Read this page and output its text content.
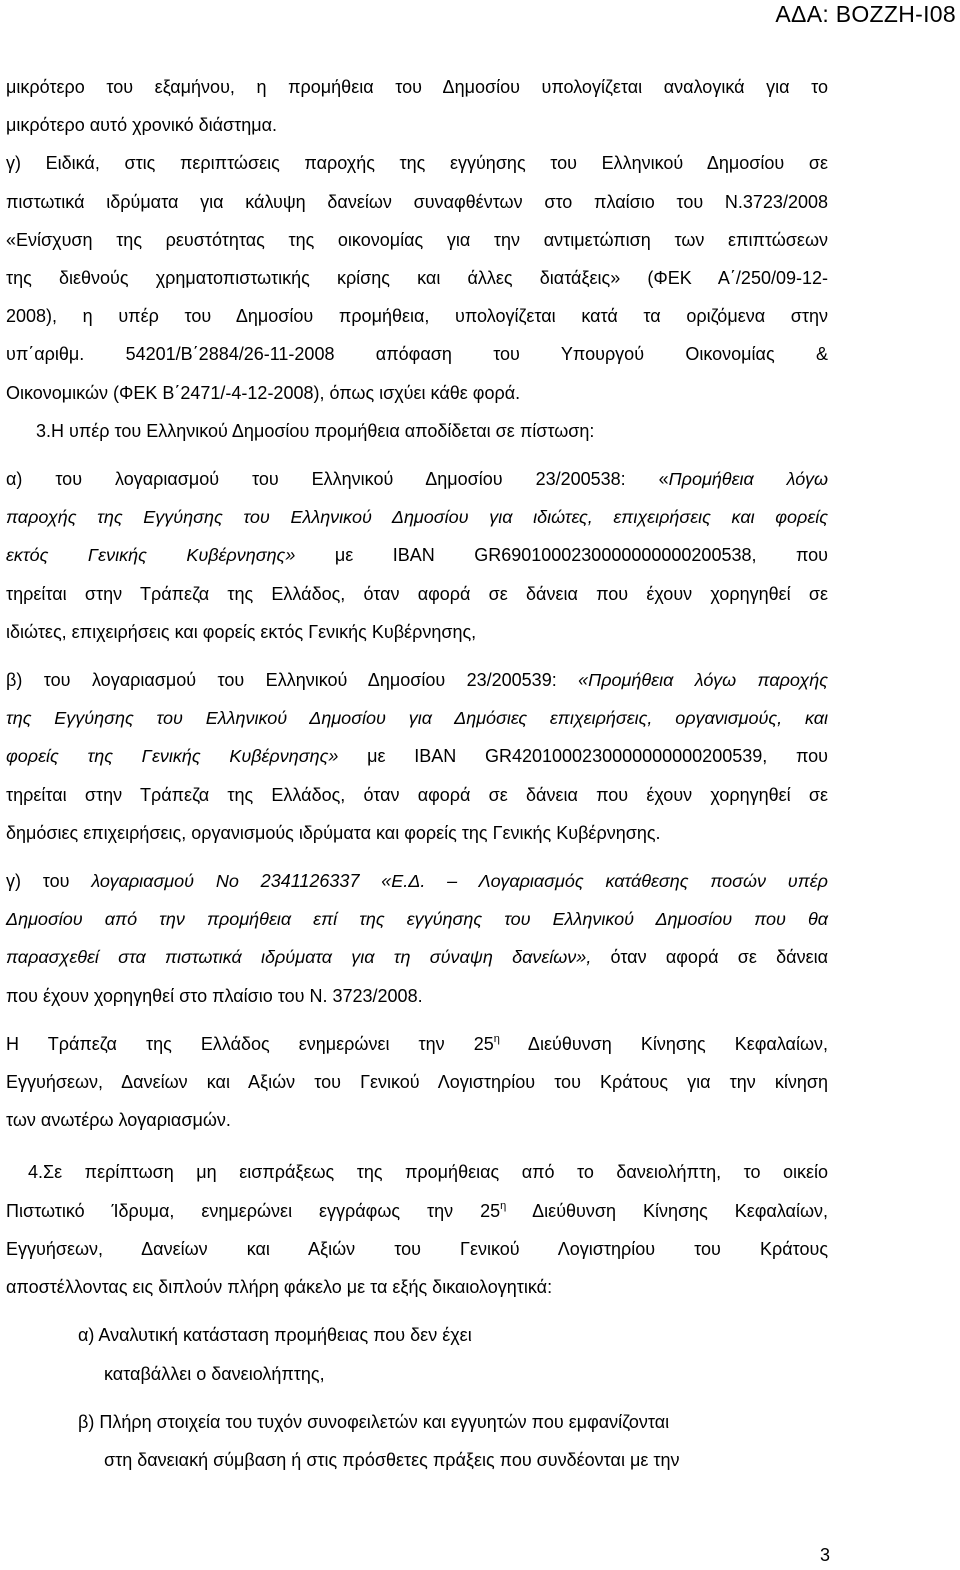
ΑΔΑ: ΒΟΖΖΗ-Ι08

μικρότερο του εξαμήνου, η προμήθεια του Δημοσίου υπολογίζεται αναλογικά για το

μικρότερο αυτό χρονικό διάστημα.

γ) Ειδικά, στις περιπτώσεις παροχής της εγγύησης του Ελληνικού Δημοσίου σε

πιστωτικά ιδρύματα για κάλυψη δανείων συναφθέντων στο πλαίσιο του Ν.3723/2008

«Ενίσχυση της ρευστότητας της οικονομίας για την αντιμετώπιση των επιπτώσεων

της διεθνούς χρηματοπιστωτικής κρίσης και άλλες διατάξεις» (ΦΕΚ Α΄/250/09-12-

2008), η υπέρ του Δημοσίου προμήθεια, υπολογίζεται κατά τα οριζόμενα στην

υπ΄αριθμ. 54201/Β΄2884/26-11-2008 απόφαση του Υπουργού Οικονομίας &

Οικονομικών (ΦΕΚ Β΄2471/-4-12-2008), όπως ισχύει κάθε φορά.

3.Η υπέρ του Ελληνικού Δημοσίου προμήθεια αποδίδεται σε πίστωση:

α) του λογαριασμού του Ελληνικού Δημοσίου 23/200538: «Προμήθεια λόγω

παροχής της Εγγύησης του Ελληνικού Δημοσίου για ιδιώτες, επιχειρήσεις και φορείς

εκτός Γενικής Κυβέρνησης» με IBAN GR6901000230000000000200538, που

τηρείται στην Τράπεζα της Ελλάδος, όταν αφορά σε δάνεια που έχουν χορηγηθεί σε

ιδιώτες, επιχειρήσεις και φορείς εκτός Γενικής Κυβέρνησης,

β) του λογαριασμού του Ελληνικού Δημοσίου 23/200539: «Προμήθεια λόγω παροχής

της Εγγύησης του Ελληνικού Δημοσίου για Δημόσιες επιχειρήσεις, οργανισμούς, και

φορείς της Γενικής Κυβέρνησης» με IBAN GR4201000230000000000200539, που

τηρείται στην Τράπεζα της Ελλάδος, όταν αφορά σε δάνεια που έχουν χορηγηθεί σε

δημόσιες επιχειρήσεις, οργανισμούς ιδρύματα και φορείς της Γενικής Κυβέρνησης.

γ) του λογαριασμού Νο 2341126337 «Ε.Δ. – Λογαριασμός κατάθεσης ποσών υπέρ

Δημοσίου από την προμήθεια επί της εγγύησης του Ελληνικού Δημοσίου που θα

παρασχεθεί στα πιστωτικά ιδρύματα για τη σύναψη δανείων», όταν αφορά σε δάνεια

που έχουν χορηγηθεί στο πλαίσιο του Ν. 3723/2008.

Η Τράπεζα της Ελλάδος ενημερώνει την $25^\eta$ Διεύθυνση Κίνησης Κεφαλαίων,

Εγγυήσεων, Δανείων και Αξιών του Γενικού Λογιστηρίου του Κράτους για την κίνηση

των ανωτέρω λογαριασμών.

4.Σε περίπτωση μη εισπράξεως της προμήθειας από το δανειολήπτη, το οικείο

Πιστωτικό Ίδρυμα, ενημερώνει εγγράφως την $25^\eta$ Διεύθυνση Κίνησης Κεφαλαίων,

Εγγυήσεων, Δανείων και Αξιών του Γενικού Λογιστηρίου του Κράτους

αποστέλλοντας εις διπλούν πλήρη φάκελο με τα εξής δικαιολογητικά:

α) Αναλυτική κατάσταση προμήθειας που δεν έχει

καταβάλλει ο δανειολήπτης,

β) Πλήρη στοιχεία του τυχόν συνοφειλετών και εγγυητών που εμφανίζονται

στη δανειακή σύμβαση ή στις πρόσθετες πράξεις που συνδέονται με την

3
